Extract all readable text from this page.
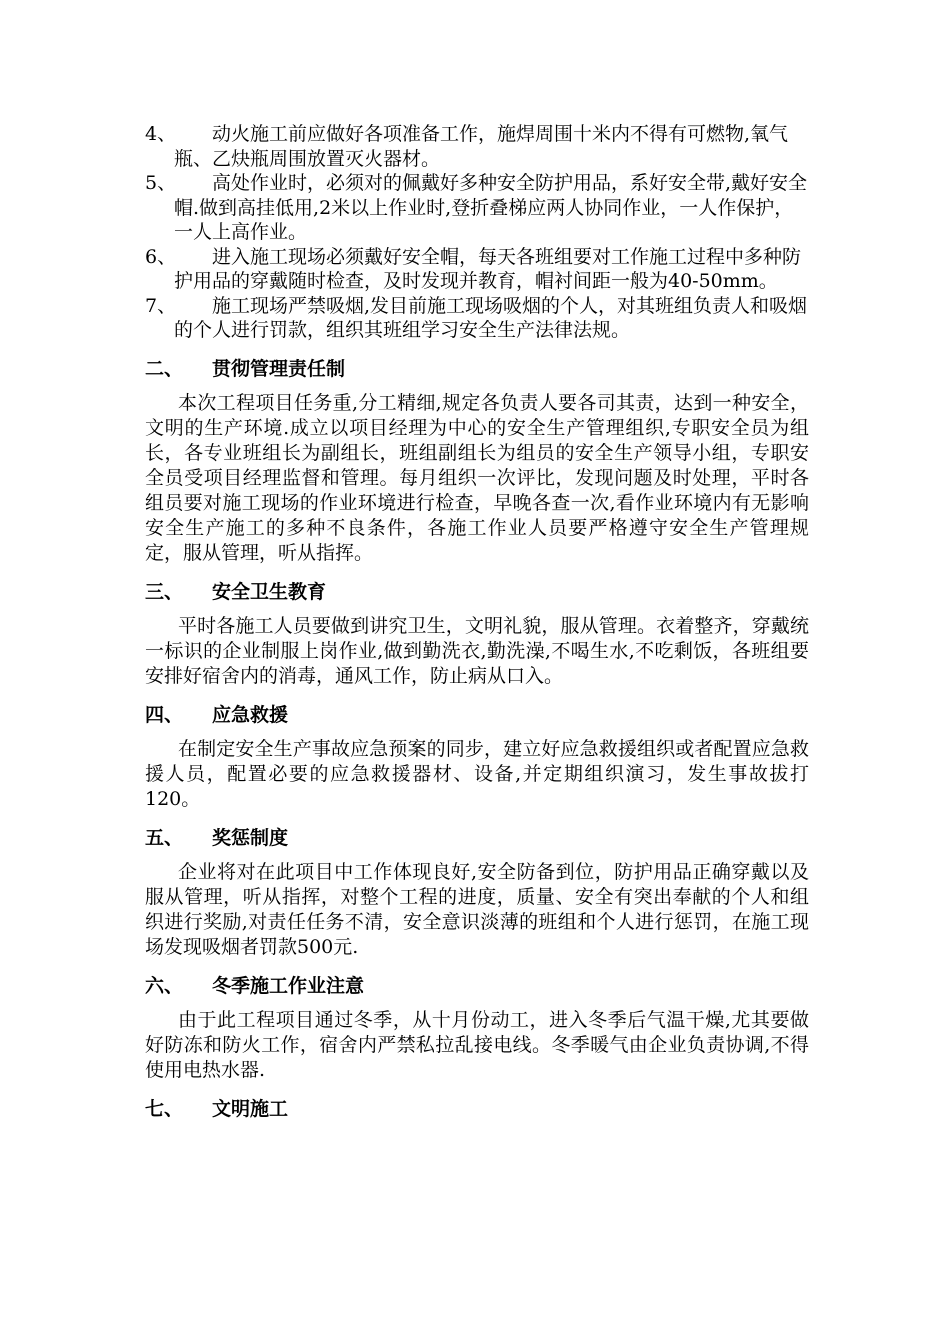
4、 动火施工前应做好各项准备工作，施焊周围十米内不得有可燃物,氧气瓶、乙炔瓶周围放置灭火器材。

5、 高处作业时，必须对的佩戴好多种安全防护用品，系好安全带,戴好安全帽.做到高挂低用,2米以上作业时,登折叠梯应两人协同作业，一人作保护，一人上高作业。

6、 进入施工现场必须戴好安全帽，每天各班组要对工作施工过程中多种防护用品的穿戴随时检查，及时发现并教育，帽衬间距一般为40-50mm。

7、 施工现场严禁吸烟,发目前施工现场吸烟的个人，对其班组负责人和吸烟的个人进行罚款，组织其班组学习安全生产法律法规。

二、	贯彻管理责任制

本次工程项目任务重,分工精细,规定各负责人要各司其责，达到一种安全，文明的生产环境.成立以项目经理为中心的安全生产管理组织,专职安全员为组长，各专业班组长为副组长，班组副组长为组员的安全生产领导小组，专职安全员受项目经理监督和管理。每月组织一次评比，发现问题及时处理，平时各组员要对施工现场的作业环境进行检查，早晚各查一次,看作业环境内有无影响安全生产施工的多种不良条件，各施工作业人员要严格遵守安全生产管理规定，服从管理，听从指挥。

三、	安全卫生教育

平时各施工人员要做到讲究卫生，文明礼貌，服从管理。衣着整齐，穿戴统一标识的企业制服上岗作业,做到勤洗衣,勤洗澡,不喝生水,不吃剩饭，各班组要安排好宿舍内的消毒，通风工作，防止病从口入。

四、	应急救援

在制定安全生产事故应急预案的同步，建立好应急救援组织或者配置应急救援人员，配置必要的应急救援器材、设备,并定期组织演习，发生事故拔打120。

五、	奖惩制度

企业将对在此项目中工作体现良好,安全防备到位，防护用品正确穿戴以及服从管理，听从指挥，对整个工程的进度，质量、安全有突出奉献的个人和组织进行奖励,对责任任务不清，安全意识淡薄的班组和个人进行惩罚，在施工现场发现吸烟者罚款500元.

六、	冬季施工作业注意

由于此工程项目通过冬季，从十月份动工，进入冬季后气温干燥,尤其要做好防冻和防火工作，宿舍内严禁私拉乱接电线。冬季暖气由企业负责协调,不得使用电热水器.

七、	文明施工
